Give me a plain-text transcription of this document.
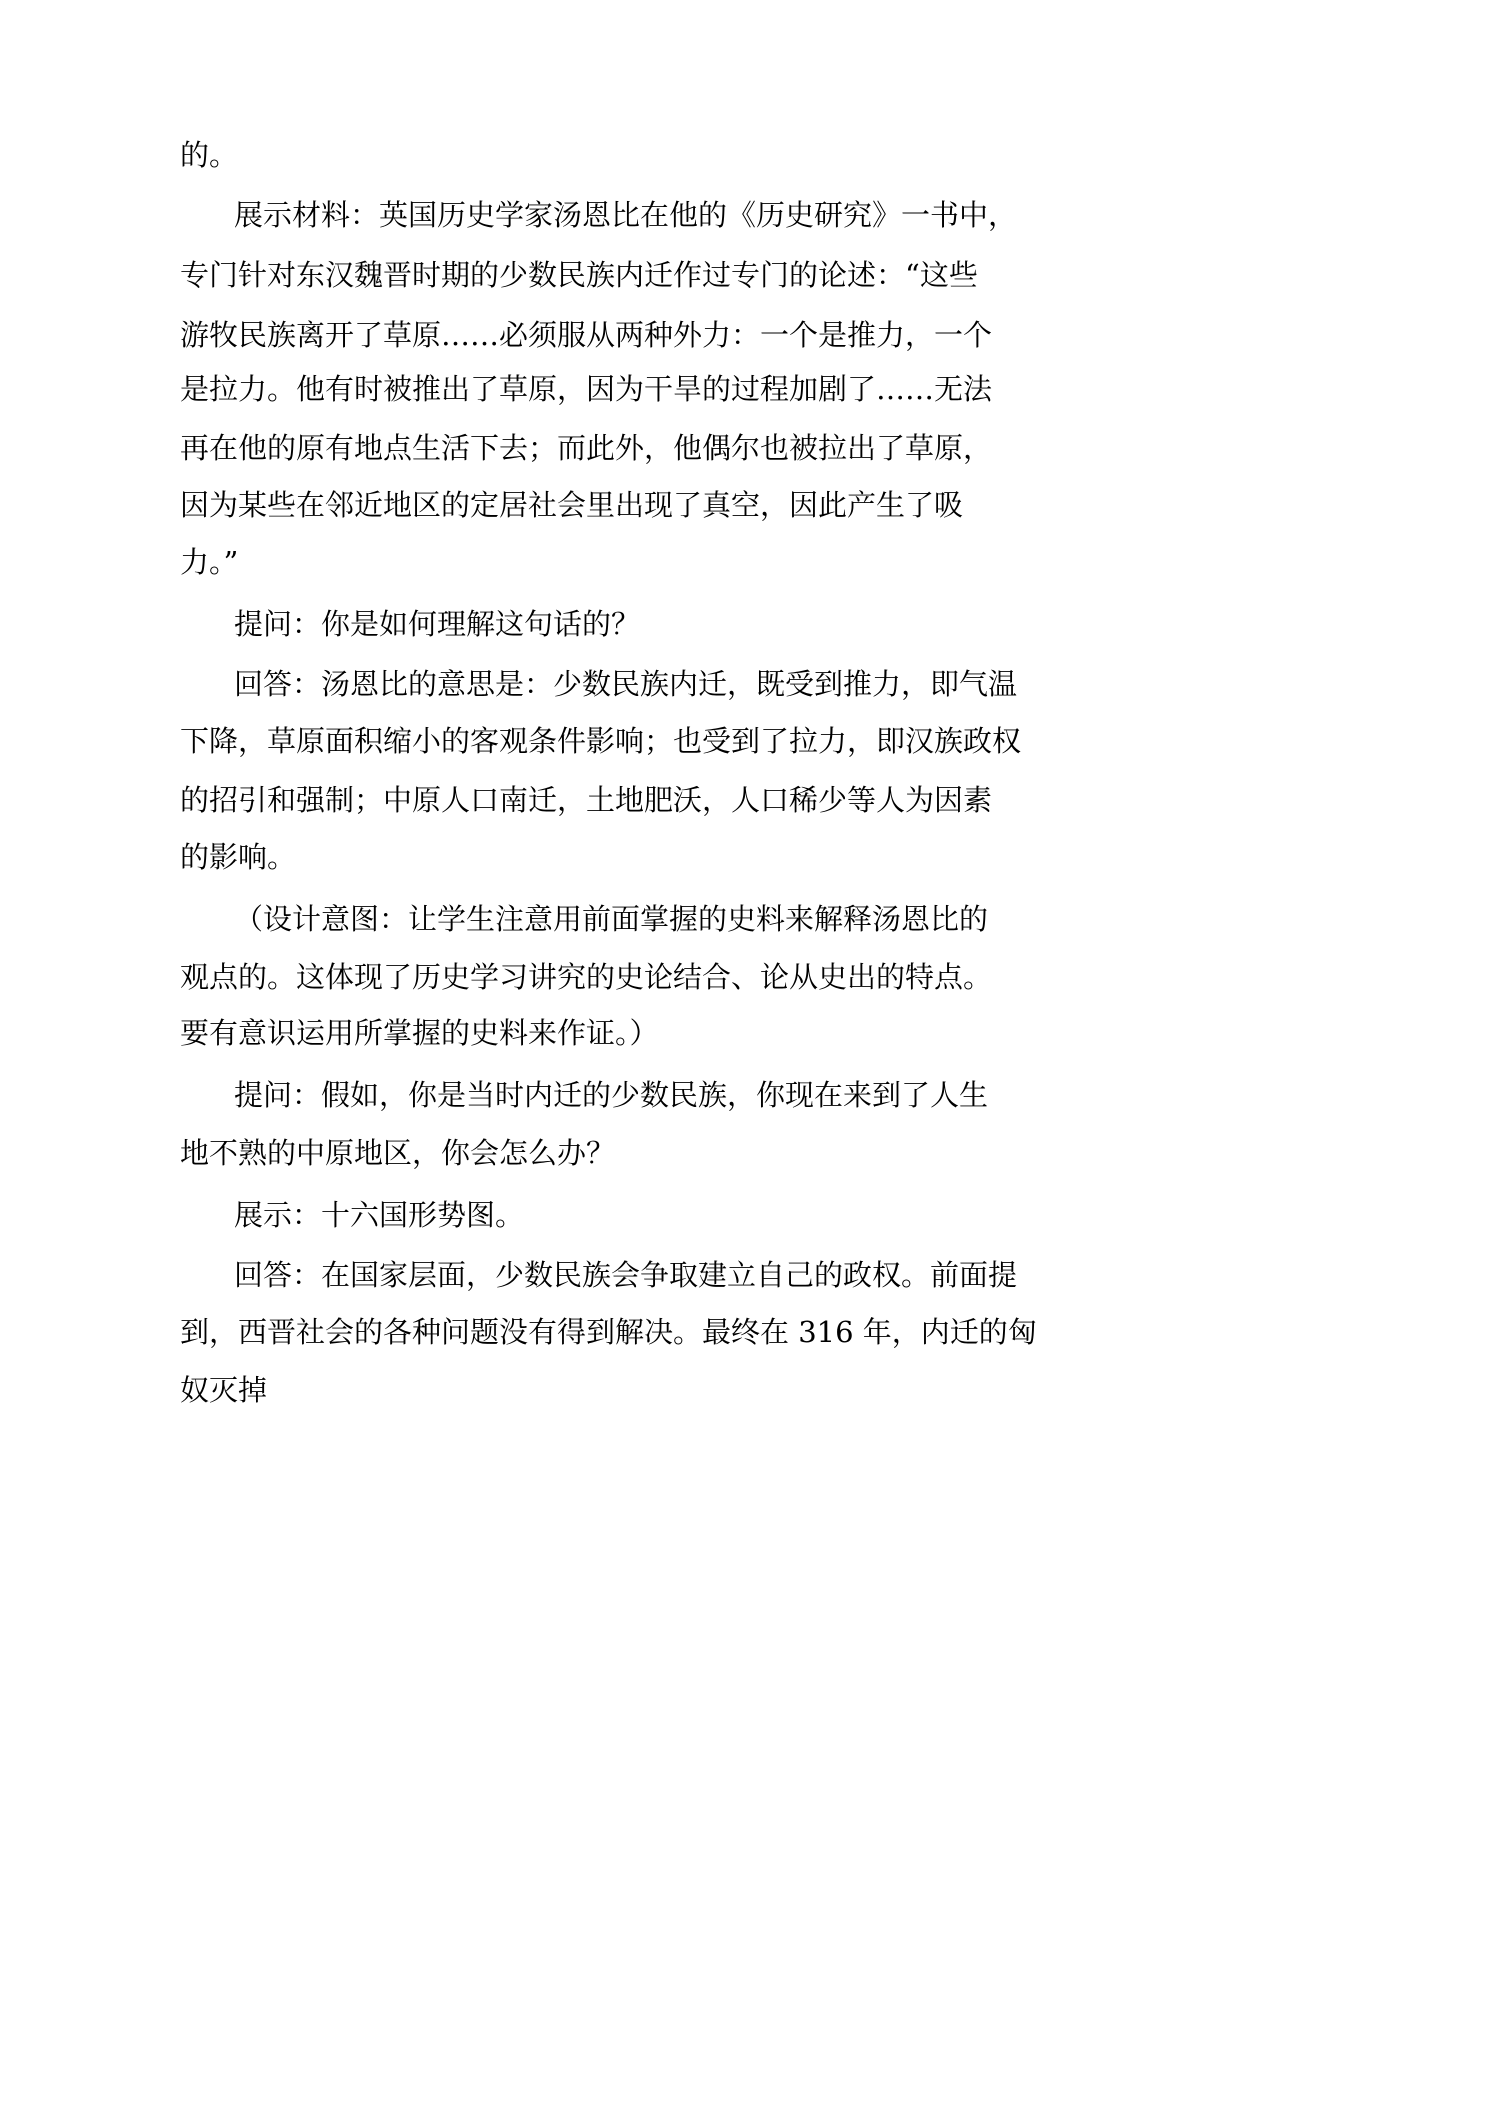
的。
展示材料：英国历史学家汤恩比在他的《历史研究》一书中，
专门针对东汉魏晋时期的少数民族内迁作过专门的论述：“这些
游牧民族离开了草原……必须服从两种外力：一个是推力，一个
是拉力。他有时被推出了草原，因为干旱的过程加剧了……无法
再在他的原有地点生活下去；而此外，他偶尔也被拉出了草原，
因为某些在邻近地区的定居社会里出现了真空，因此产生了吸
力。”
提问：你是如何理解这句话的？
回答：汤恩比的意思是：少数民族内迁，既受到推力，即气温
下降，草原面积缩小的客观条件影响；也受到了拉力，即汉族政权
的招引和强制；中原人口南迁，土地肥沃，人口稀少等人为因素
的影响。
（设计意图：让学生注意用前面掌握的史料来解释汤恩比的
观点的。这体现了历史学习讲究的史论结合、论从史出的特点。
要有意识运用所掌握的史料来作证。）
提问：假如，你是当时内迁的少数民族，你现在来到了人生
地不熟的中原地区，你会怎么办？
展示：十六国形势图。
回答：在国家层面，少数民族会争取建立自己的政权。前面提
到，西晋社会的各种问题没有得到解决。最终在 316 年，内迁的匈
奴灭掉
